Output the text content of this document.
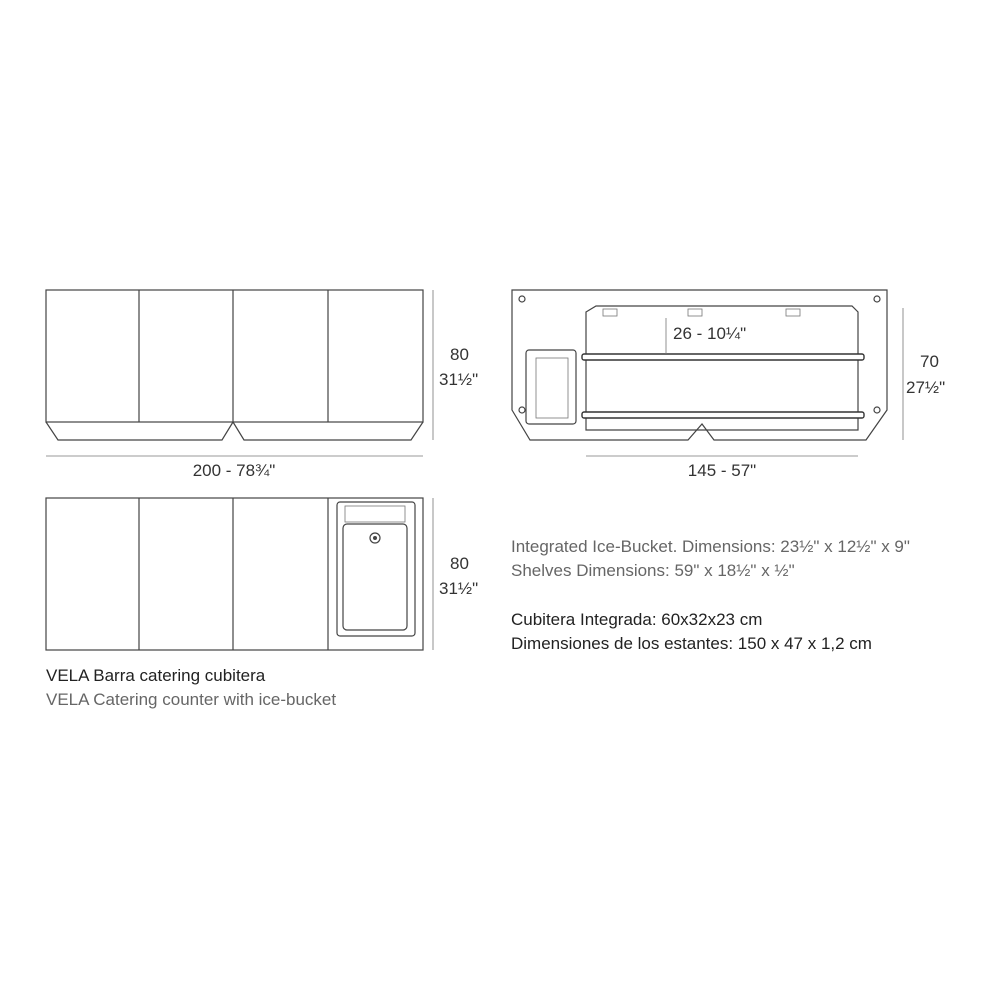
200 - 78¾"
80
31½"
80
31½"
26 - 10¼"
145 - 57"
70
27½"
Integrated Ice-Bucket. Dimensions: 23½" x 12½" x 9"
Shelves Dimensions: 59" x 18½" x ½"
Cubitera Integrada: 60x32x23 cm
Dimensiones de los estantes: 150 x 47 x 1,2 cm
VELA Barra catering cubitera
VELA Catering counter with ice-bucket
